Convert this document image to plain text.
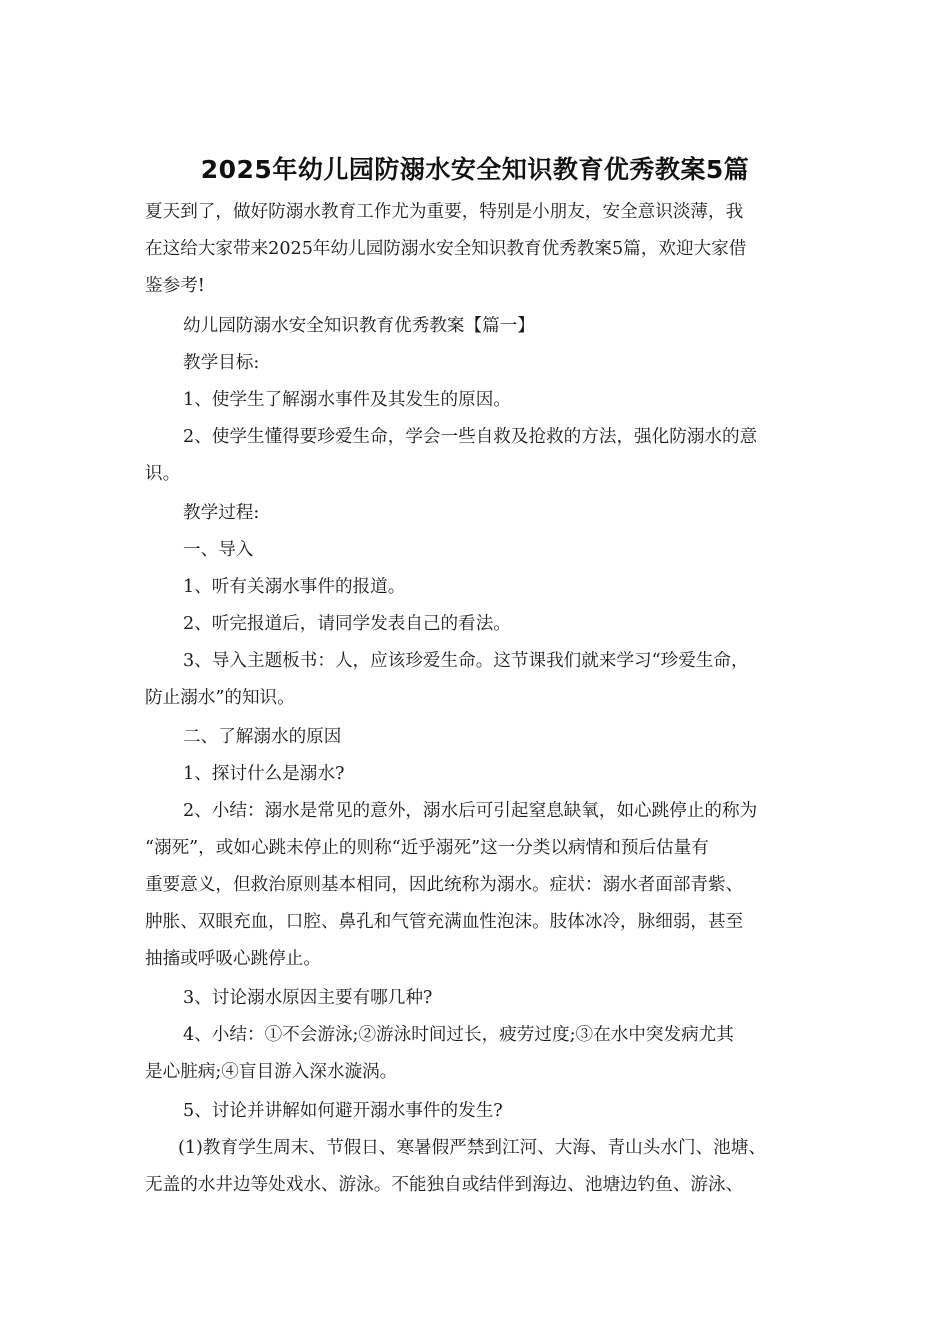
2025年幼儿园防溺水安全知识教育优秀教案5篇
夏天到了，做好防溺水教育工作尤为重要，特别是小朋友，安全意识淡薄，我
在这给大家带来2025年幼儿园防溺水安全知识教育优秀教案5篇，欢迎大家借
鉴参考!
幼儿园防溺水安全知识教育优秀教案【篇一】
教学目标:
1、使学生了解溺水事件及其发生的原因。
2、使学生懂得要珍爱生命，学会一些自救及抢救的方法，强化防溺水的意
识。
教学过程:
一、导入
1、听有关溺水事件的报道。
2、听完报道后，请同学发表自己的看法。
3、导入主题板书：人，应该珍爱生命。这节课我们就来学习“珍爱生命，
防止溺水”的知识。
二、了解溺水的原因
1、探讨什么是溺水?
2、小结：溺水是常见的意外，溺水后可引起窒息缺氧，如心跳停止的称为
“溺死”，或如心跳未停止的则称“近乎溺死”这一分类以病情和预后估量有
重要意义，但救治原则基本相同，因此统称为溺水。症状：溺水者面部青紫、
肿胀、双眼充血，口腔、鼻孔和气管充满血性泡沫。肢体冰冷，脉细弱，甚至
抽搐或呼吸心跳停止。
3、讨论溺水原因主要有哪几种?
4、小结：①不会游泳;②游泳时间过长，疲劳过度;③在水中突发病尤其
是心脏病;④盲目游入深水漩涡。
5、讨论并讲解如何避开溺水事件的发生?
(1)教育学生周末、节假日、寒暑假严禁到江河、大海、青山头水门、池塘、
无盖的水井边等处戏水、游泳。不能独自或结伴到海边、池塘边钓鱼、游泳、
